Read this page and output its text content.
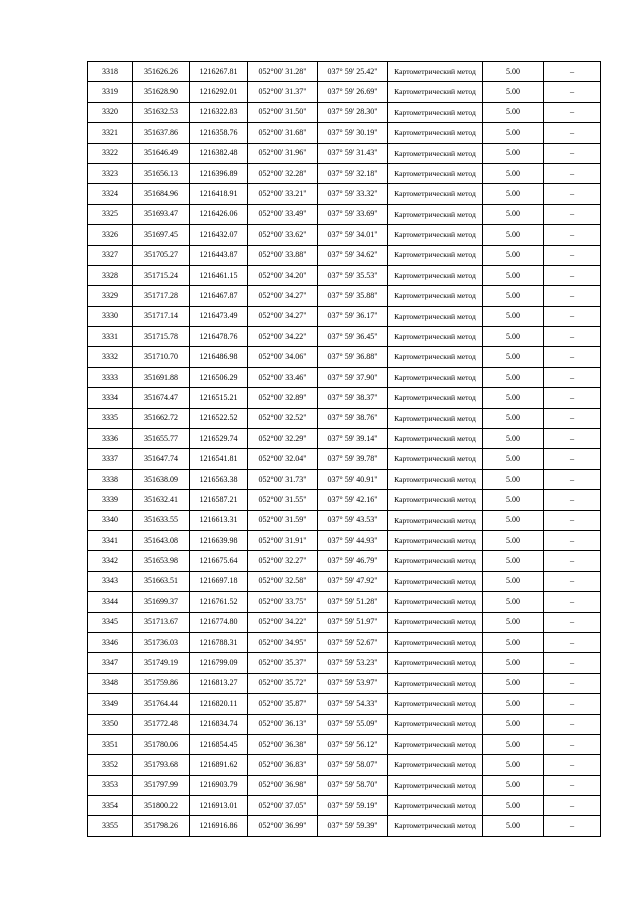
3318	351626.26	1216267.81	052°00' 31.28"	037° 59' 25.42"	Картометрический метод	5.00	–
3319	351628.90	1216292.01	052°00' 31.37"	037° 59' 26.69"	Картометрический метод	5.00	–
3320	351632.53	1216322.83	052°00' 31.50"	037° 59' 28.30"	Картометрический метод	5.00	–
3321	351637.86	1216358.76	052°00' 31.68"	037° 59' 30.19"	Картометрический метод	5.00	–
3322	351646.49	1216382.48	052°00' 31.96"	037° 59' 31.43"	Картометрический метод	5.00	–
3323	351656.13	1216396.89	052°00' 32.28"	037° 59' 32.18"	Картометрический метод	5.00	–
3324	351684.96	1216418.91	052°00' 33.21"	037° 59' 33.32"	Картометрический метод	5.00	–
3325	351693.47	1216426.06	052°00' 33.49"	037° 59' 33.69"	Картометрический метод	5.00	–
3326	351697.45	1216432.07	052°00' 33.62"	037° 59' 34.01"	Картометрический метод	5.00	–
3327	351705.27	1216443.87	052°00' 33.88"	037° 59' 34.62"	Картометрический метод	5.00	–
3328	351715.24	1216461.15	052°00' 34.20"	037° 59' 35.53"	Картометрический метод	5.00	–
3329	351717.28	1216467.87	052°00' 34.27"	037° 59' 35.88"	Картометрический метод	5.00	–
3330	351717.14	1216473.49	052°00' 34.27"	037° 59' 36.17"	Картометрический метод	5.00	–
3331	351715.78	1216478.76	052°00' 34.22"	037° 59' 36.45"	Картометрический метод	5.00	–
3332	351710.70	1216486.98	052°00' 34.06"	037° 59' 36.88"	Картометрический метод	5.00	–
3333	351691.88	1216506.29	052°00' 33.46"	037° 59' 37.90"	Картометрический метод	5.00	–
3334	351674.47	1216515.21	052°00' 32.89"	037° 59' 38.37"	Картометрический метод	5.00	–
3335	351662.72	1216522.52	052°00' 32.52"	037° 59' 38.76"	Картометрический метод	5.00	–
3336	351655.77	1216529.74	052°00' 32.29"	037° 59' 39.14"	Картометрический метод	5.00	–
3337	351647.74	1216541.81	052°00' 32.04"	037° 59' 39.78"	Картометрический метод	5.00	–
3338	351638.09	1216563.38	052°00' 31.73"	037° 59' 40.91"	Картометрический метод	5.00	–
3339	351632.41	1216587.21	052°00' 31.55"	037° 59' 42.16"	Картометрический метод	5.00	–
3340	351633.55	1216613.31	052°00' 31.59"	037° 59' 43.53"	Картометрический метод	5.00	–
3341	351643.08	1216639.98	052°00' 31.91"	037° 59' 44.93"	Картометрический метод	5.00	–
3342	351653.98	1216675.64	052°00' 32.27"	037° 59' 46.79"	Картометрический метод	5.00	–
3343	351663.51	1216697.18	052°00' 32.58"	037° 59' 47.92"	Картометрический метод	5.00	–
3344	351699.37	1216761.52	052°00' 33.75"	037° 59' 51.28"	Картометрический метод	5.00	–
3345	351713.67	1216774.80	052°00' 34.22"	037° 59' 51.97"	Картометрический метод	5.00	–
3346	351736.03	1216788.31	052°00' 34.95"	037° 59' 52.67"	Картометрический метод	5.00	–
3347	351749.19	1216799.09	052°00' 35.37"	037° 59' 53.23"	Картометрический метод	5.00	–
3348	351759.86	1216813.27	052°00' 35.72"	037° 59' 53.97"	Картометрический метод	5.00	–
3349	351764.44	1216820.11	052°00' 35.87"	037° 59' 54.33"	Картометрический метод	5.00	–
3350	351772.48	1216834.74	052°00' 36.13"	037° 59' 55.09"	Картометрический метод	5.00	–
3351	351780.06	1216854.45	052°00' 36.38"	037° 59' 56.12"	Картометрический метод	5.00	–
3352	351793.68	1216891.62	052°00' 36.83"	037° 59' 58.07"	Картометрический метод	5.00	–
3353	351797.99	1216903.79	052°00' 36.98"	037° 59' 58.70"	Картометрический метод	5.00	–
3354	351800.22	1216913.01	052°00' 37.05"	037° 59' 59.19"	Картометрический метод	5.00	–
3355	351798.26	1216916.86	052°00' 36.99"	037° 59' 59.39"	Картометрический метод	5.00	–
